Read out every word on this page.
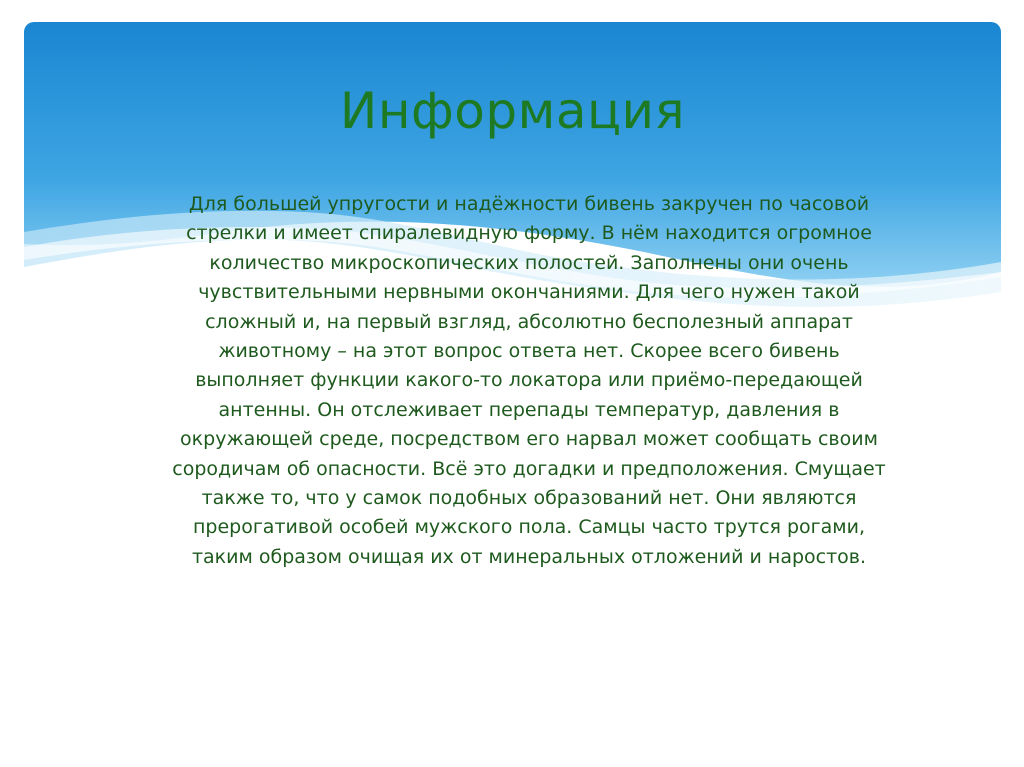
Информация

Для большей упругости и надёжности бивень закручен по часовой стрелки и имеет спиралевидную форму. В нём находится огромное количество микроскопических полостей. Заполнены они очень чувствительными нервными окончаниями. Для чего нужен такой сложный и, на первый взгляд, абсолютно бесполезный аппарат животному – на этот вопрос ответа нет. Скорее всего бивень выполняет функции какого-то локатора или приёмо-передающей антенны. Он отслеживает перепады температур, давления в окружающей среде, посредством его нарвал может сообщать своим сородичам об опасности. Всё это догадки и предположения. Смущает также то, что у самок подобных образований нет. Они являются прерогативой особей мужского пола. Самцы часто трутся рогами, таким образом очищая их от минеральных отложений и наростов.
